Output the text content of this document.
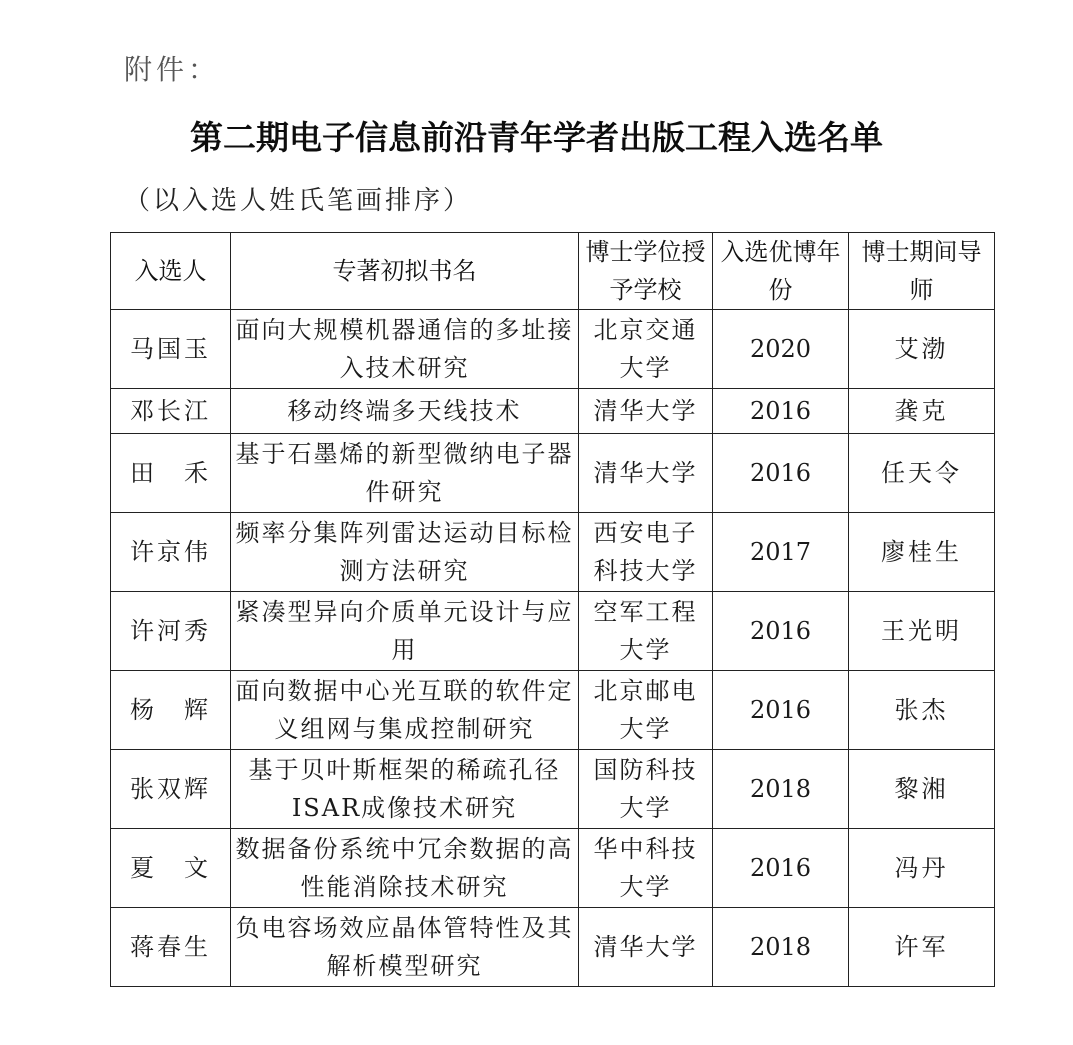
附件：
第二期电子信息前沿青年学者出版工程入选名单
（以入选人姓氏笔画排序）
入选人	专著初拟书名	博士学位授予学校	入选优博年份	博士期间导师
马国玉	面向大规模机器通信的多址接入技术研究	北京交通大学	2020	艾渤
邓长江	移动终端多天线技术	清华大学	2016	龚克
田　禾	基于石墨烯的新型微纳电子器件研究	清华大学	2016	任天令
许京伟	频率分集阵列雷达运动目标检测方法研究	西安电子科技大学	2017	廖桂生
许河秀	紧凑型异向介质单元设计与应用	空军工程大学	2016	王光明
杨　辉	面向数据中心光互联的软件定义组网与集成控制研究	北京邮电大学	2016	张杰
张双辉	基于贝叶斯框架的稀疏孔径ISAR成像技术研究	国防科技大学	2018	黎湘
夏　文	数据备份系统中冗余数据的高性能消除技术研究	华中科技大学	2016	冯丹
蒋春生	负电容场效应晶体管特性及其解析模型研究	清华大学	2018	许军
